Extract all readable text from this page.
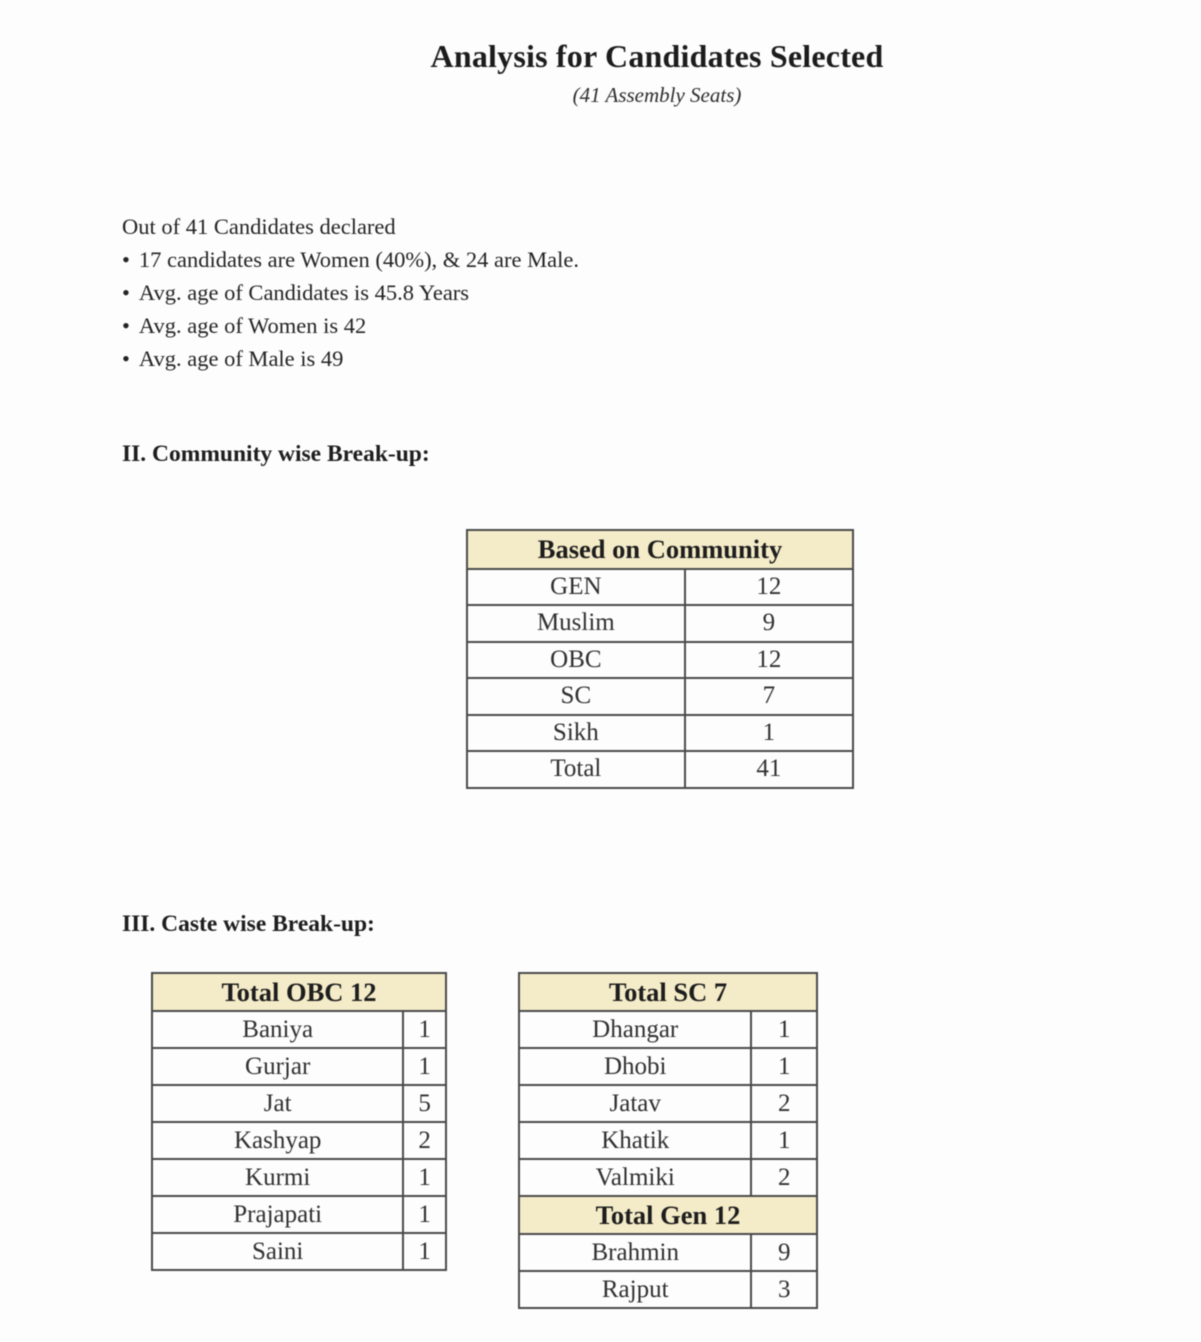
Analysis for Candidates Selected
(41 Assembly Seats)
Out of 41 Candidates declared
• 17 candidates are Women (40%), & 24 are Male.
• Avg. age of Candidates is 45.8 Years
• Avg. age of Women is 42
• Avg. age of Male is 49
II. Community wise Break-up:
Based on Community	
GEN	12
Muslim	9
OBC	12
SC	7
Sikh	1
Total	41
III. Caste wise Break-up:
Total OBC 12	
Baniya	1
Gurjar	1
Jat	5
Kashyap	2
Kurmi	1
Prajapati	1
Saini	1
Total SC 7	
Dhangar	1
Dhobi	1
Jatav	2
Khatik	1
Valmiki	2
Total Gen 12	
Brahmin	9
Rajput	3
